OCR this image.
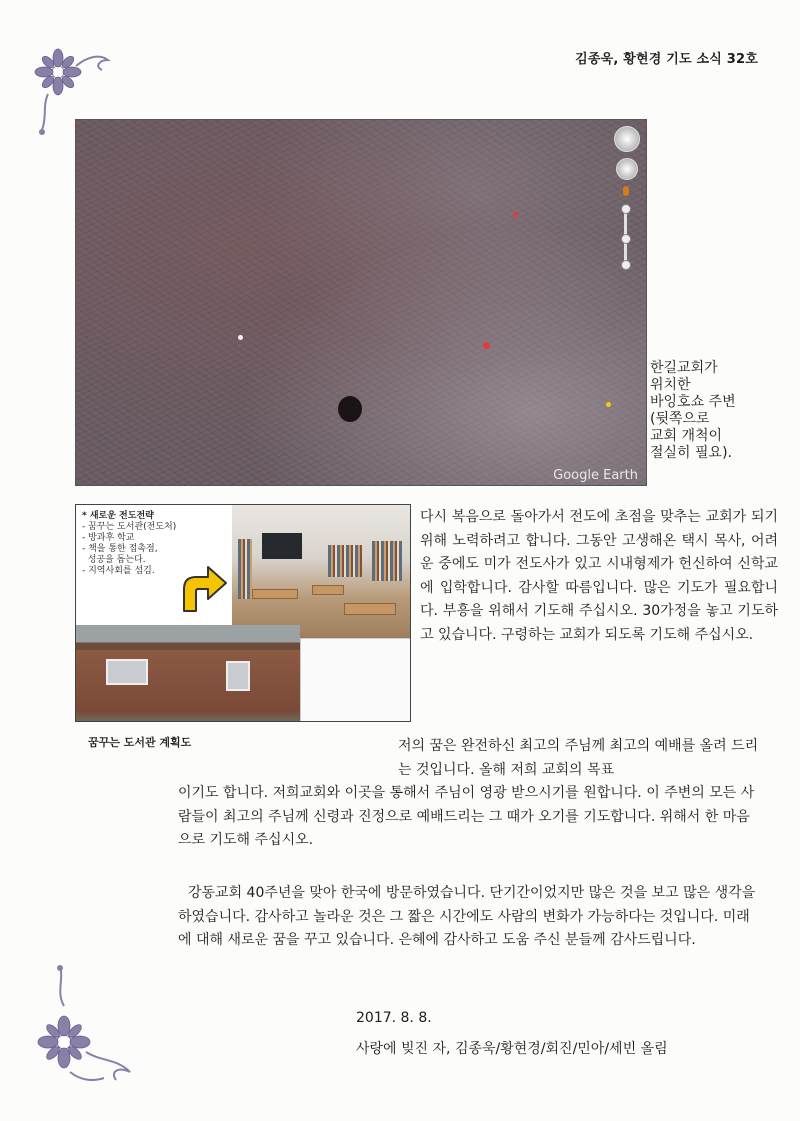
김종욱, 황현경 기도 소식 32호
Google Earth
한길교회가
위치한
바잉호쇼 주변
(뒷쪽으로
교회 개척이
절실히 필요).
* 새로운 전도전략
- 꿈꾸는 도서관(전도처)
- 방과후 학교
- 책을 통한 접촉점,
성공을 돕는다.
- 지역사회를 섬김.
꿈꾸는 도서관 계획도
다시 복음으로 돌아가서 전도에 초점을 맞추는 교회가 되기 위해 노력하려고 합니다. 그동안 고생해온 택시 목사, 어려운 중에도 미가 전도사가 있고 시내형제가 헌신하여 신학교에 입학합니다. 감사할 따름입니다. 많은 기도가 필요합니다. 부흥을 위해서 기도해 주십시오. 30가정을 놓고 기도하고 있습니다. 구령하는 교회가 되도록 기도해 주십시오.
저의 꿈은 완전하신 최고의 주님께 최고의 예배를 올려 드리는 것입니다. 올해 저희 교회의 목표
이기도 합니다. 저희교회와 이곳을 통해서 주님이 영광 받으시기를 원합니다. 이 주변의 모든 사람들이 최고의 주님께 신령과 진정으로 예배드리는 그 때가 오기를 기도합니다. 위해서 한 마음으로 기도해 주십시오.
강동교회 40주년을 맞아 한국에 방문하였습니다. 단기간이었지만 많은 것을 보고 많은 생각을 하였습니다. 감사하고 놀라운 것은 그 짧은 시간에도 사람의 변화가 가능하다는 것입니다. 미래에 대해 새로운 꿈을 꾸고 있습니다. 은혜에 감사하고 도움 주신 분들께 감사드립니다.
2017. 8. 8.
사랑에 빚진 자, 김종욱/황현경/회진/민아/세빈 올림
